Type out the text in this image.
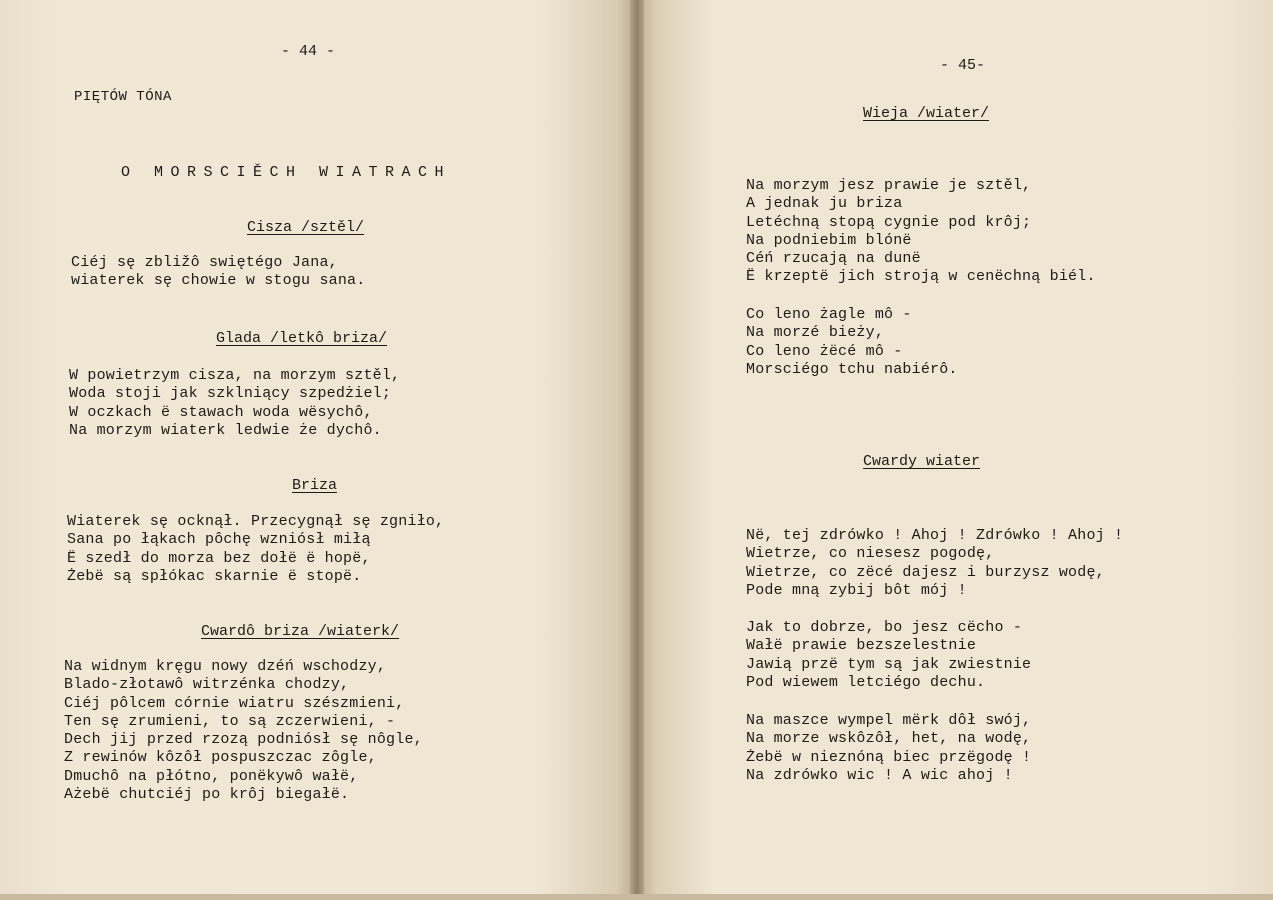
- 44 -
PIĘTÓW TÓNA
O MORSCIĚCH WIATRACH
Cisza /sztěl/
Ciéj sę zbližô swiętégo Jana,
wiaterek sę chowie w stogu sana.
Glada /letkô briza/
W powietrzym cisza, na morzym sztěl,
Woda stoji jak szklniący szpedżiel;
W oczkach ë stawach woda wësychô,
Na morzym wiaterk ledwie że dychô.
Briza
Wiaterek sę ocknął. Przecygnął sę zgniło,
Sana po łąkach pôchę wzniósł miłą
Ë szedł do morza bez dołë ë hopë,
Żebë są spłókac skarnie ë stopë.
Cwardô briza /wiaterk/
Na widnym kręgu nowy dzéń wschodzy,
Blado-złotawô witrzénka chodzy,
Ciéj pôlcem córnie wiatru szészmieni,
Ten sę zrumieni, to są zczerwieni, -
Dech jij przed rzozą podniósł sę nôgle,
Z rewinów kôzôł pospuszczac zôgle,
Dmuchô na płótno, ponëkywô wałë,
Ażebë chutciéj po krôj biegałë.
- 45-
Wieja /wiater/
Na morzym jesz prawie je sztěl,
A jednak ju briza
Letéchną stopą cygnie pod krôj;
Na podniebim blónë
Céń rzucają na dunë
Ë krzeptë jich stroją w cenëchną biél.
Co leno żagle mô -
Na morzé bieży,
Co leno żëcé mô -
Morsciégo tchu nabiérô.
Cwardy wiater
Në, tej zdrówko ! Ahoj ! Zdrówko ! Ahoj !
Wietrze, co niesesz pogodę,
Wietrze, co zëcé dajesz i burzysz wodę,
Pode mną zybij bôt mój !
Jak to dobrze, bo jesz cëcho -
Wałë prawie bezszelestnie
Jawią przë tym są jak zwiestnie
Pod wiewem letciégo dechu.
Na maszce wympel mërk dôł swój,
Na morze wskôzôł, het, na wodę,
Żebë w nieznóną biec przëgodę !
Na zdrówko wic ! A wic ahoj !
